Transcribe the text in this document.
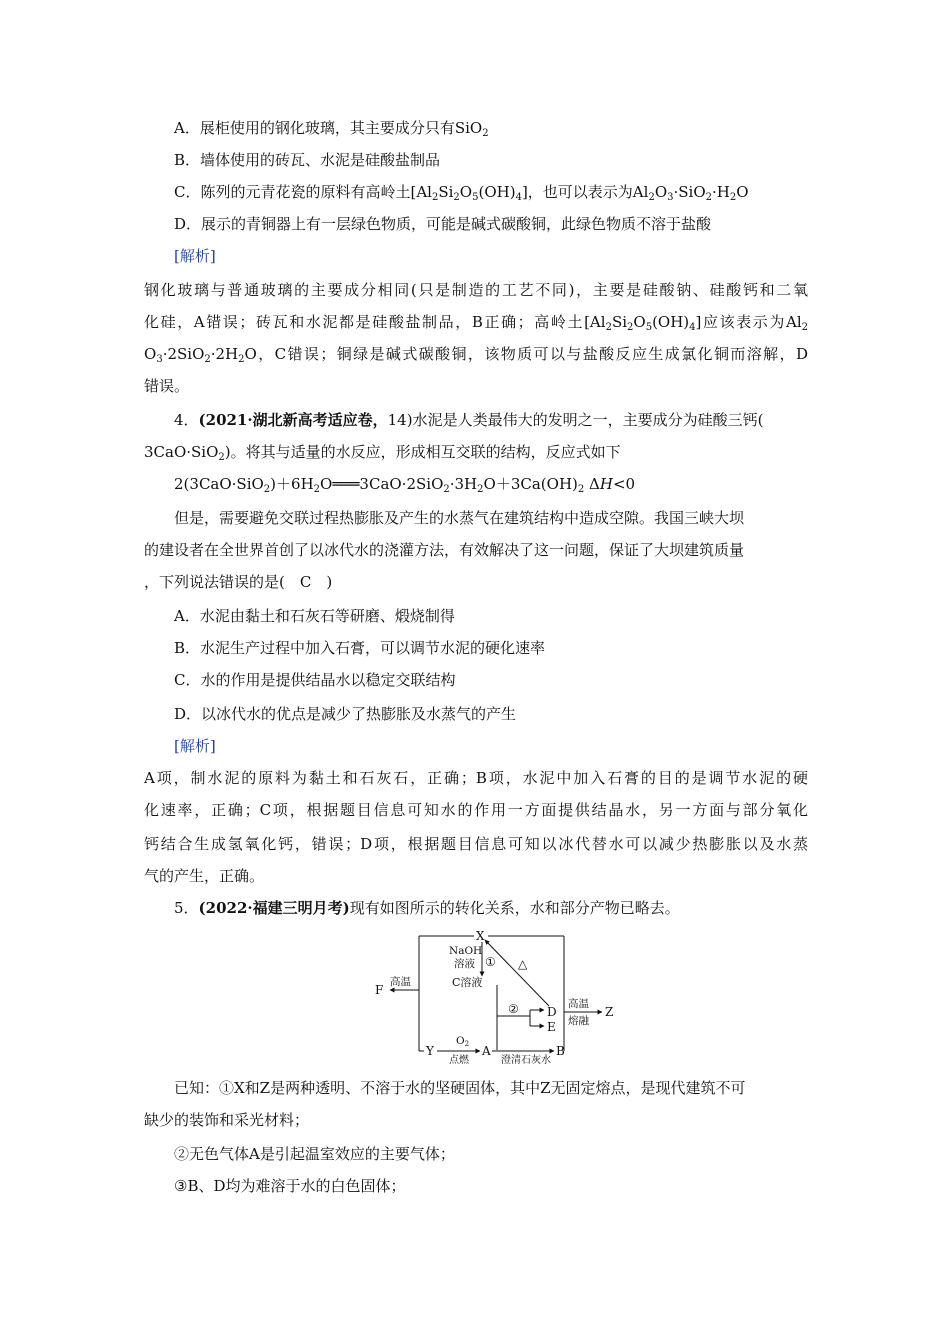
A．展柜使用的钢化玻璃，其主要成分只有SiO$_2$
B．墙体使用的砖瓦、水泥是硅酸盐制品
C．陈列的元青花瓷的原料有高岭土$[Al_2Si_2O_5(OH)_4]$，也可以表示为$Al_2O_3\cdot SiO_2\cdot H_2O$
D．展示的青铜器上有一层绿色物质，可能是碱式碳酸铜，此绿色物质不溶于盐酸
[解析]
钢化玻璃与普通玻璃的主要成分相同(只是制造的工艺不同)，主要是硅酸钠、硅酸钙和二氧
化硅，A错误；砖瓦和水泥都是硅酸盐制品，B正确；高岭土$[Al_2Si_2O_5(OH)_4]$应该表示为$Al_2$
$O_3\cdot 2SiO_2\cdot 2H_2O$，C错误；铜绿是碱式碳酸铜，该物质可以与盐酸反应生成氯化铜而溶解，D
错误。
4．(2021·湖北新高考适应卷，14)水泥是人类最伟大的发明之一，主要成分为硅酸三钙(
3CaO·SiO$_2$)。将其与适量的水反应，形成相互交联的结构，反应式如下
$2(3CaO\cdot SiO_2)+6H_2O═══3CaO\cdot 2SiO_2\cdot 3H_2O+3Ca(OH)_2$ ΔH<0
但是，需要避免交联过程热膨胀及产生的水蒸气在建筑结构中造成空隙。我国三峡大坝
的建设者在全世界首创了以冰代水的浇灌方法，有效解决了这一问题，保证了大坝建筑质量
，下列说法错误的是(　C　)
A．水泥由黏土和石灰石等研磨、煅烧制得
B．水泥生产过程中加入石膏，可以调节水泥的硬化速率
C．水的作用是提供结晶水以稳定交联结构
D．以冰代水的优点是减少了热膨胀及水蒸气的产生
[解析]
A项，制水泥的原料为黏土和石灰石，正确；B项，水泥中加入石膏的目的是调节水泥的硬
化速率，正确；C项，根据题目信息可知水的作用一方面提供结晶水，另一方面与部分氧化
钙结合生成氢氧化钙，错误；D项，根据题目信息可知以冰代替水可以减少热膨胀以及水蒸
气的产生，正确。
5．(2022·福建三明月考)现有如图所示的转化关系，水和部分产物已略去。
X
F
Y	A	B
C溶液
D
E
Z
NaOH
溶液 ① △
②
高温
高温
熔融
O2
点燃	澄清石灰水
已知：①X和Z是两种透明、不溶于水的坚硬固体，其中Z无固定熔点，是现代建筑不可
缺少的装饰和采光材料；
②无色气体A是引起温室效应的主要气体；
③B、D均为难溶于水的白色固体；
